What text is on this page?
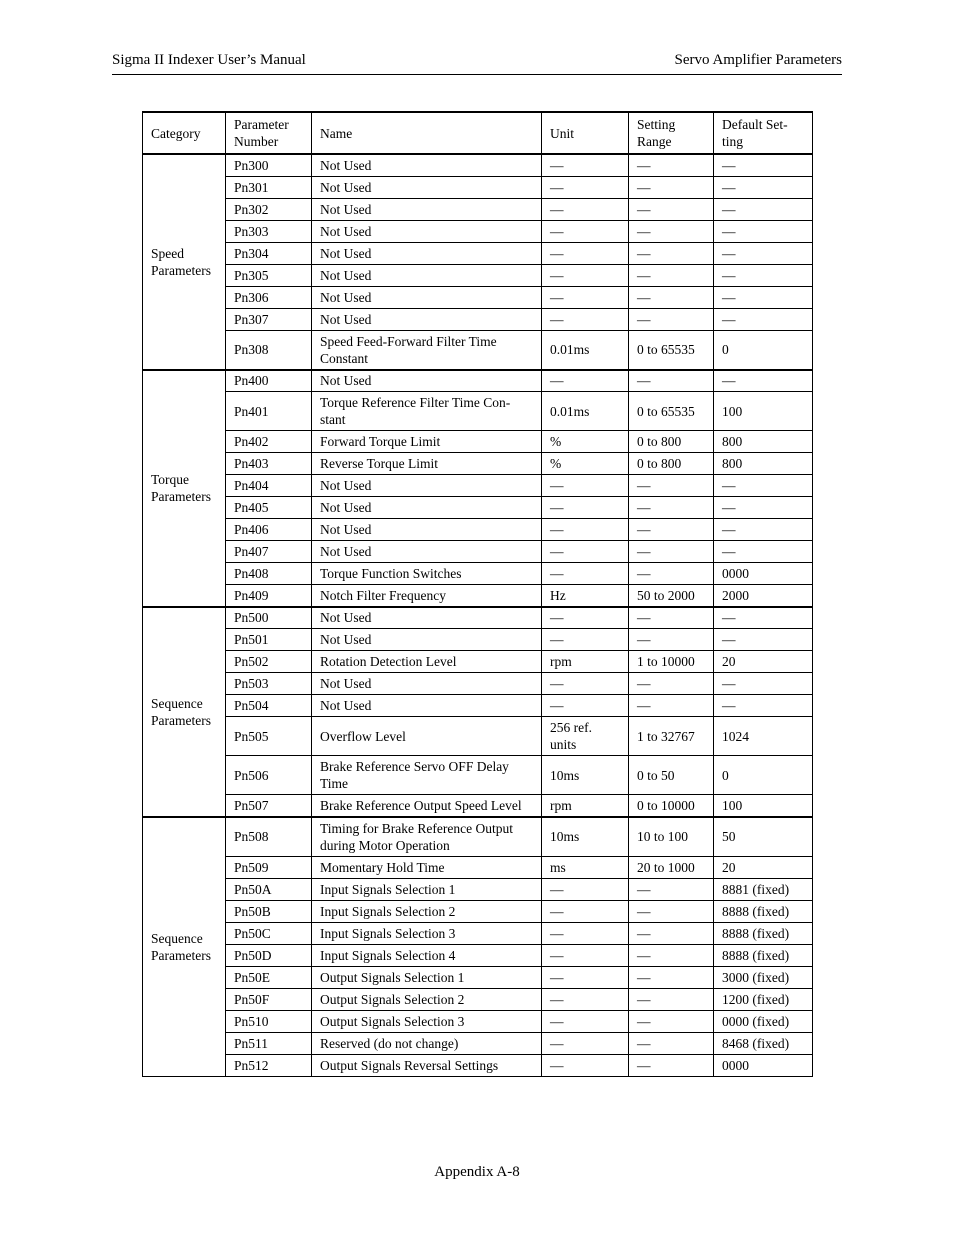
Sigma II Indexer User’s Manual	Servo Amplifier Parameters
Category	Parameter Number	Name	Unit	Setting Range	Default Set-ting
Speed Parameters	Pn300	Not Used	—	—	—
	Pn301	Not Used	—	—	—
	Pn302	Not Used	—	—	—
	Pn303	Not Used	—	—	—
	Pn304	Not Used	—	—	—
	Pn305	Not Used	—	—	—
	Pn306	Not Used	—	—	—
	Pn307	Not Used	—	—	—
	Pn308	Speed Feed-Forward Filter Time Constant	0.01ms	0 to 65535	0
Torque Parameters	Pn400	Not Used	—	—	—
	Pn401	Torque Reference Filter Time Con-stant	0.01ms	0 to 65535	100
	Pn402	Forward Torque Limit	%	0 to 800	800
	Pn403	Reverse Torque Limit	%	0 to 800	800
	Pn404	Not Used	—	—	—
	Pn405	Not Used	—	—	—
	Pn406	Not Used	—	—	—
	Pn407	Not Used	—	—	—
	Pn408	Torque Function Switches	—	—	0000
	Pn409	Notch Filter Frequency	Hz	50 to 2000	2000
Sequence Parameters	Pn500	Not Used	—	—	—
	Pn501	Not Used	—	—	—
	Pn502	Rotation Detection Level	rpm	1 to 10000	20
	Pn503	Not Used	—	—	—
	Pn504	Not Used	—	—	—
	Pn505	Overflow Level	256 ref. units	1 to 32767	1024
	Pn506	Brake Reference Servo OFF Delay Time	10ms	0 to 50	0
	Pn507	Brake Reference Output Speed Level	rpm	0 to 10000	100
Sequence Parameters	Pn508	Timing for Brake Reference Output during Motor Operation	10ms	10 to 100	50
	Pn509	Momentary Hold Time	ms	20 to 1000	20
	Pn50A	Input Signals Selection 1	—	—	8881 (fixed)
	Pn50B	Input Signals Selection 2	—	—	8888 (fixed)
	Pn50C	Input Signals Selection 3	—	—	8888 (fixed)
	Pn50D	Input Signals Selection 4	—	—	8888 (fixed)
	Pn50E	Output Signals Selection 1	—	—	3000 (fixed)
	Pn50F	Output Signals Selection 2	—	—	1200 (fixed)
	Pn510	Output Signals Selection 3	—	—	0000 (fixed)
	Pn511	Reserved (do not change)	—	—	8468 (fixed)
	Pn512	Output Signals Reversal Settings	—	—	0000
Appendix A-8
